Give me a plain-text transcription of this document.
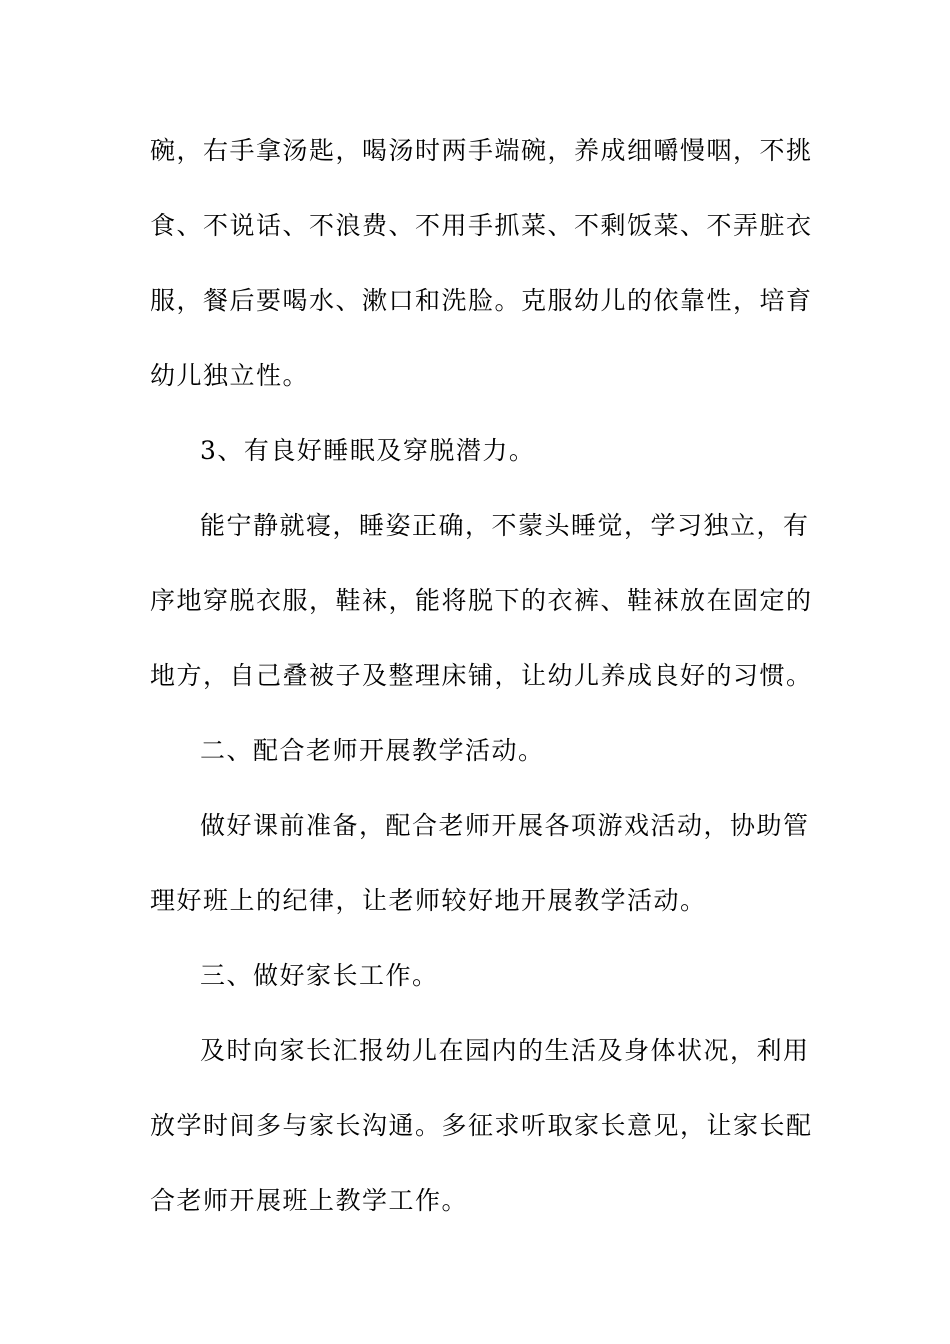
碗，右手拿汤匙，喝汤时两手端碗，养成细嚼慢咽，不挑
食、不说话、不浪费、不用手抓菜、不剩饭菜、不弄脏衣
服，餐后要喝水、漱口和洗脸。克服幼儿的依靠性，培育
幼儿独立性。
3、有良好睡眠及穿脱潜力。
能宁静就寝，睡姿正确，不蒙头睡觉，学习独立，有
序地穿脱衣服，鞋袜，能将脱下的衣裤、鞋袜放在固定的
地方，自己叠被子及整理床铺，让幼儿养成良好的习惯。
二、配合老师开展教学活动。
做好课前准备，配合老师开展各项游戏活动，协助管
理好班上的纪律，让老师较好地开展教学活动。
三、做好家长工作。
及时向家长汇报幼儿在园内的生活及身体状况，利用
放学时间多与家长沟通。多征求听取家长意见，让家长配
合老师开展班上教学工作。
